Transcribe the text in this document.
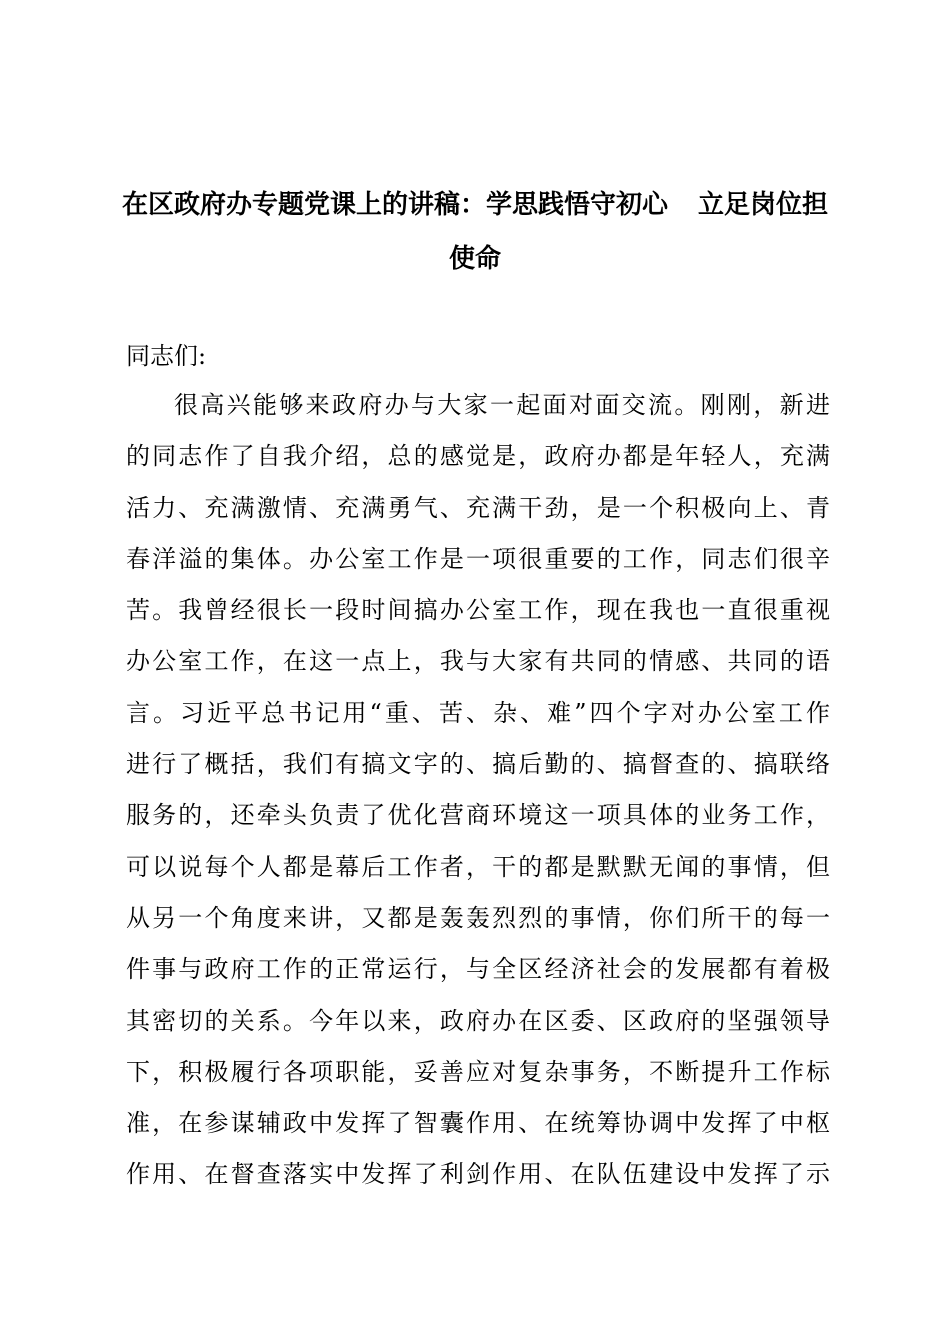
在区政府办专题党课上的讲稿：学思践悟守初心 立足岗位担
使命
同志们:
很高兴能够来政府办与大家一起面对面交流。刚刚，新进
的同志作了自我介绍，总的感觉是，政府办都是年轻人，充满
活力、充满激情、充满勇气、充满干劲，是一个积极向上、青
春洋溢的集体。办公室工作是一项很重要的工作，同志们很辛
苦。我曾经很长一段时间搞办公室工作，现在我也一直很重视
办公室工作，在这一点上，我与大家有共同的情感、共同的语
言。习近平总书记用“重、苦、杂、难”四个字对办公室工作
进行了概括，我们有搞文字的、搞后勤的、搞督查的、搞联络
服务的，还牵头负责了优化营商环境这一项具体的业务工作，
可以说每个人都是幕后工作者，干的都是默默无闻的事情，但
从另一个角度来讲，又都是轰轰烈烈的事情，你们所干的每一
件事与政府工作的正常运行，与全区经济社会的发展都有着极
其密切的关系。今年以来，政府办在区委、区政府的坚强领导
下，积极履行各项职能，妥善应对复杂事务，不断提升工作标
准，在参谋辅政中发挥了智囊作用、在统筹协调中发挥了中枢
作用、在督查落实中发挥了利剑作用、在队伍建设中发挥了示
